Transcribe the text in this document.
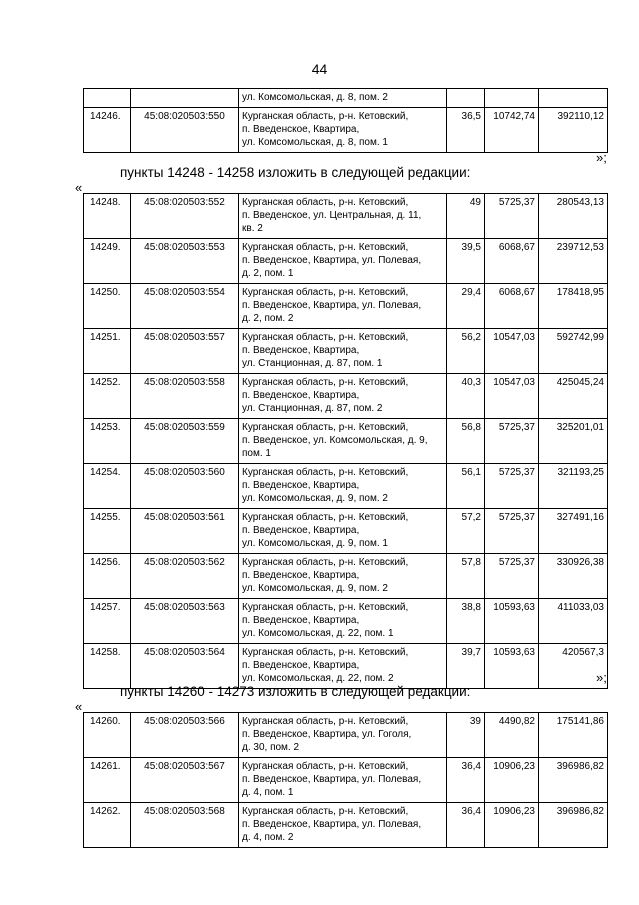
44
		ул. Комсомольская, д. 8, пом. 2			
14246.	45:08:020503:550	Курганская область, р-н. Кетовский,
п. Введенское, Квартира,
ул. Комсомольская, д. 8, пом. 1	36,5	10742,74	392110,12
»;
пункты 14248 - 14258 изложить в следующей редакции:
«
14248.	45:08:020503:552	Курганская область, р-н. Кетовский,
п. Введенское, ул. Центральная, д. 11,
кв. 2	49	5725,37	280543,13
14249.	45:08:020503:553	Курганская область, р-н. Кетовский,
п. Введенское, Квартира, ул. Полевая,
д. 2, пом. 1	39,5	6068,67	239712,53
14250.	45:08:020503:554	Курганская область, р-н. Кетовский,
п. Введенское, Квартира, ул. Полевая,
д. 2, пом. 2	29,4	6068,67	178418,95
14251.	45:08:020503:557	Курганская область, р-н. Кетовский,
п. Введенское, Квартира,
ул. Станционная, д. 87, пом. 1	56,2	10547,03	592742,99
14252.	45:08:020503:558	Курганская область, р-н. Кетовский,
п. Введенское, Квартира,
ул. Станционная, д. 87, пом. 2	40,3	10547,03	425045,24
14253.	45:08:020503:559	Курганская область, р-н. Кетовский,
п. Введенское, ул. Комсомольская, д. 9,
пом. 1	56,8	5725,37	325201,01
14254.	45:08:020503:560	Курганская область, р-н. Кетовский,
п. Введенское, Квартира,
ул. Комсомольская, д. 9, пом. 2	56,1	5725,37	321193,25
14255.	45:08:020503:561	Курганская область, р-н. Кетовский,
п. Введенское, Квартира,
ул. Комсомольская, д. 9, пом. 1	57,2	5725,37	327491,16
14256.	45:08:020503:562	Курганская область, р-н. Кетовский,
п. Введенское, Квартира,
ул. Комсомольская, д. 9, пом. 2	57,8	5725,37	330926,38
14257.	45:08:020503:563	Курганская область, р-н. Кетовский,
п. Введенское, Квартира,
ул. Комсомольская, д. 22, пом. 1	38,8	10593,63	411033,03
14258.	45:08:020503:564	Курганская область, р-н. Кетовский,
п. Введенское, Квартира,
ул. Комсомольская, д. 22, пом. 2	39,7	10593,63	420567,3
»;
пункты 14260 - 14273 изложить в следующей редакции:
«
14260.	45:08:020503:566	Курганская область, р-н. Кетовский,
п. Введенское, Квартира, ул. Гоголя,
д. 30, пом. 2	39	4490,82	175141,86
14261.	45:08:020503:567	Курганская область, р-н. Кетовский,
п. Введенское, Квартира, ул. Полевая,
д. 4, пом. 1	36,4	10906,23	396986,82
14262.	45:08:020503:568	Курганская область, р-н. Кетовский,
п. Введенское, Квартира, ул. Полевая,
д. 4, пом. 2	36,4	10906,23	396986,82
